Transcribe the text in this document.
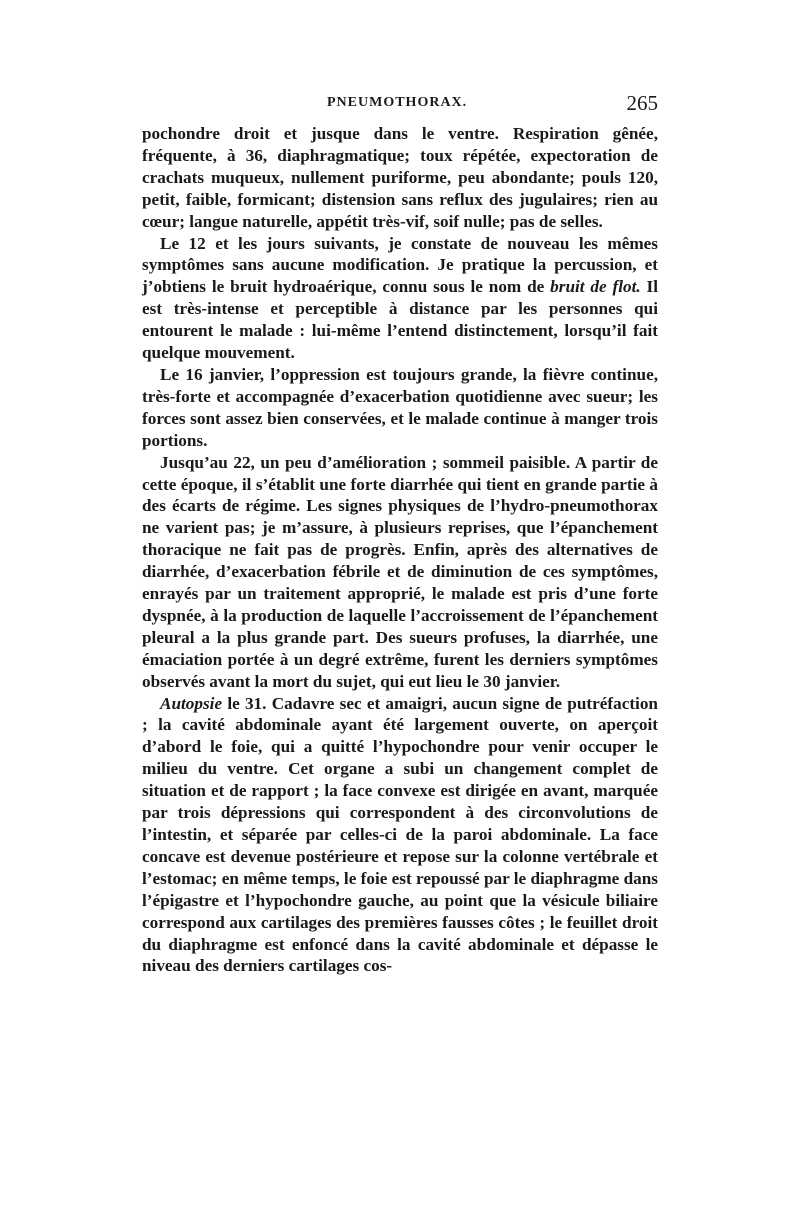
PNEUMOTHORAX.	265

pochondre droit et jusque dans le ventre. Respiration gênée, fréquente, à 36, diaphragmatique; toux répétée, expectoration de crachats muqueux, nullement puriforme, peu abondante; pouls 120, petit, faible, formicant; distension sans reflux des jugulaires; rien au cœur; langue naturelle, appétit très-vif, soif nulle; pas de selles.

Le 12 et les jours suivants, je constate de nouveau les mêmes symptômes sans aucune modification. Je pratique la percussion, et j’obtiens le bruit hydroaérique, connu sous le nom de bruit de flot. Il est très-intense et perceptible à distance par les personnes qui entourent le malade : lui-même l’entend distinctement, lorsqu’il fait quelque mouvement.

Le 16 janvier, l’oppression est toujours grande, la fièvre continue, très-forte et accompagnée d’exacerbation quotidienne avec sueur; les forces sont assez bien conservées, et le malade continue à manger trois portions.

Jusqu’au 22, un peu d’amélioration ; sommeil paisible. A partir de cette époque, il s’établit une forte diarrhée qui tient en grande partie à des écarts de régime. Les signes physiques de l’hydro-pneumothorax ne varient pas; je m’assure, à plusieurs reprises, que l’épanchement thoracique ne fait pas de progrès. Enfin, après des alternatives de diarrhée, d’exacerbation fébrile et de diminution de ces symptômes, enrayés par un traitement approprié, le malade est pris d’une forte dyspnée, à la production de laquelle l’accroissement de l’épanchement pleural a la plus grande part. Des sueurs profuses, la diarrhée, une émaciation portée à un degré extrême, furent les derniers symptômes observés avant la mort du sujet, qui eut lieu le 30 janvier.

Autopsie le 31. Cadavre sec et amaigri, aucun signe de putréfaction ; la cavité abdominale ayant été largement ouverte, on aperçoit d’abord le foie, qui a quitté l’hypochondre pour venir occuper le milieu du ventre. Cet organe a subi un changement complet de situation et de rapport ; la face convexe est dirigée en avant, marquée par trois dépressions qui correspondent à des circonvolutions de l’intestin, et séparée par celles-ci de la paroi abdominale. La face concave est devenue postérieure et repose sur la colonne vertébrale et l’estomac; en même temps, le foie est repoussé par le diaphragme dans l’épigastre et l’hypochondre gauche, au point que la vésicule biliaire correspond aux cartilages des premières fausses côtes ; le feuillet droit du diaphragme est enfoncé dans la cavité abdominale et dépasse le niveau des derniers cartilages cos-
